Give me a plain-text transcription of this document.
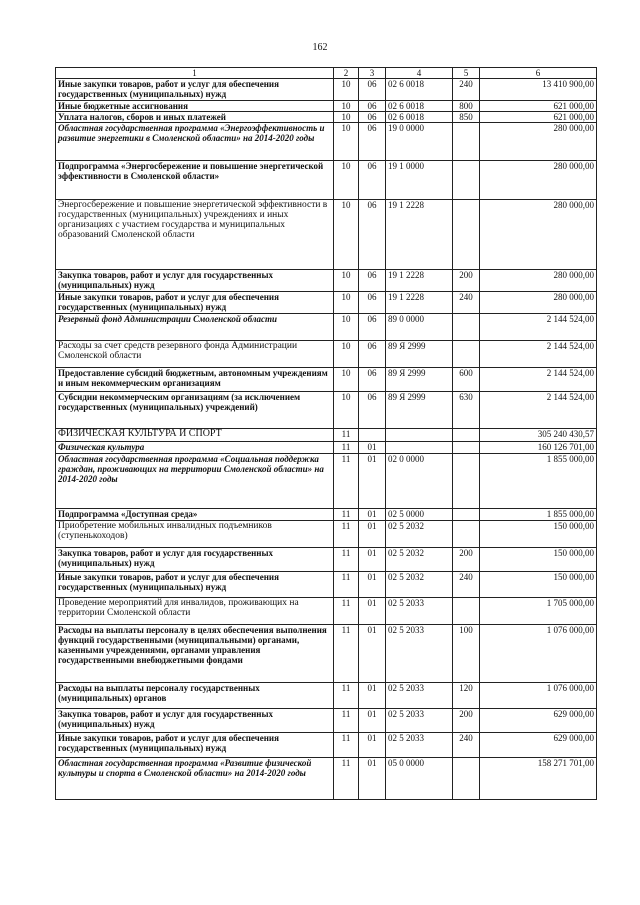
162
1	2	3	4	5	6
Иные закупки товаров, работ и услуг для обеспечения государственных (муниципальных) нужд	10	06	02 6 0018	240	13 410 900,00
Иные бюджетные ассигнования	10	06	02 6 0018	800	621 000,00
Уплата налогов, сборов и иных платежей	10	06	02 6 0018	850	621 000,00
Областная государственная программа «Энергоэффективность и развитие энергетики в Смоленской области» на 2014-2020 годы	10	06	19 0 0000		280 000,00
Подпрограмма «Энергосбережение и повышение энергетической эффективности в Смоленской области»	10	06	19 1 0000		280 000,00
Энергосбережение и повышение энергетической эффективности в государственных (муниципальных) учреждениях и иных организациях с участием государства и муниципальных образований Смоленской области	10	06	19 1 2228		280 000,00
Закупка товаров, работ и услуг для государственных (муниципальных) нужд	10	06	19 1 2228	200	280 000,00
Иные закупки товаров, работ и услуг для обеспечения государственных (муниципальных) нужд	10	06	19 1 2228	240	280 000,00
Резервный фонд Администрации Смоленской области	10	06	89 0 0000		2 144 524,00
Расходы за счет средств резервного фонда Администрации Смоленской области	10	06	89 Я 2999		2 144 524,00
Предоставление субсидий бюджетным, автономным учреждениям и иным некоммерческим организациям	10	06	89 Я 2999	600	2 144 524,00
Субсидии некоммерческим организациям (за исключением государственных (муниципальных) учреждений)	10	06	89 Я 2999	630	2 144 524,00
ФИЗИЧЕСКАЯ КУЛЬТУРА И СПОРТ	11				305 240 430,57
Физическая культура	11	01			160 126 701,00
Областная государственная программа «Социальная поддержка граждан, проживающих на территории Смоленской области» на 2014-2020 годы	11	01	02 0 0000		1 855 000,00
Подпрограмма «Доступная среда»	11	01	02 5 0000		1 855 000,00
Приобретение мобильных инвалидных подъемников (ступенькоходов)	11	01	02 5 2032		150 000,00
Закупка товаров, работ и услуг для государственных (муниципальных) нужд	11	01	02 5 2032	200	150 000,00
Иные закупки товаров, работ и услуг для обеспечения государственных (муниципальных) нужд	11	01	02 5 2032	240	150 000,00
Проведение мероприятий для инвалидов, проживающих на территории Смоленской области	11	01	02 5 2033		1 705 000,00
Расходы на выплаты персоналу в целях обеспечения выполнения функций государственными (муниципальными) органами, казенными учреждениями, органами управления государственными внебюджетными фондами	11	01	02 5 2033	100	1 076 000,00
Расходы на выплаты персоналу государственных (муниципальных) органов	11	01	02 5 2033	120	1 076 000,00
Закупка товаров, работ и услуг для государственных (муниципальных) нужд	11	01	02 5 2033	200	629 000,00
Иные закупки товаров, работ и услуг для обеспечения государственных (муниципальных) нужд	11	01	02 5 2033	240	629 000,00
Областная государственная программа «Развитие физической культуры и спорта в Смоленской области» на 2014-2020 годы	11	01	05 0 0000		158 271 701,00
